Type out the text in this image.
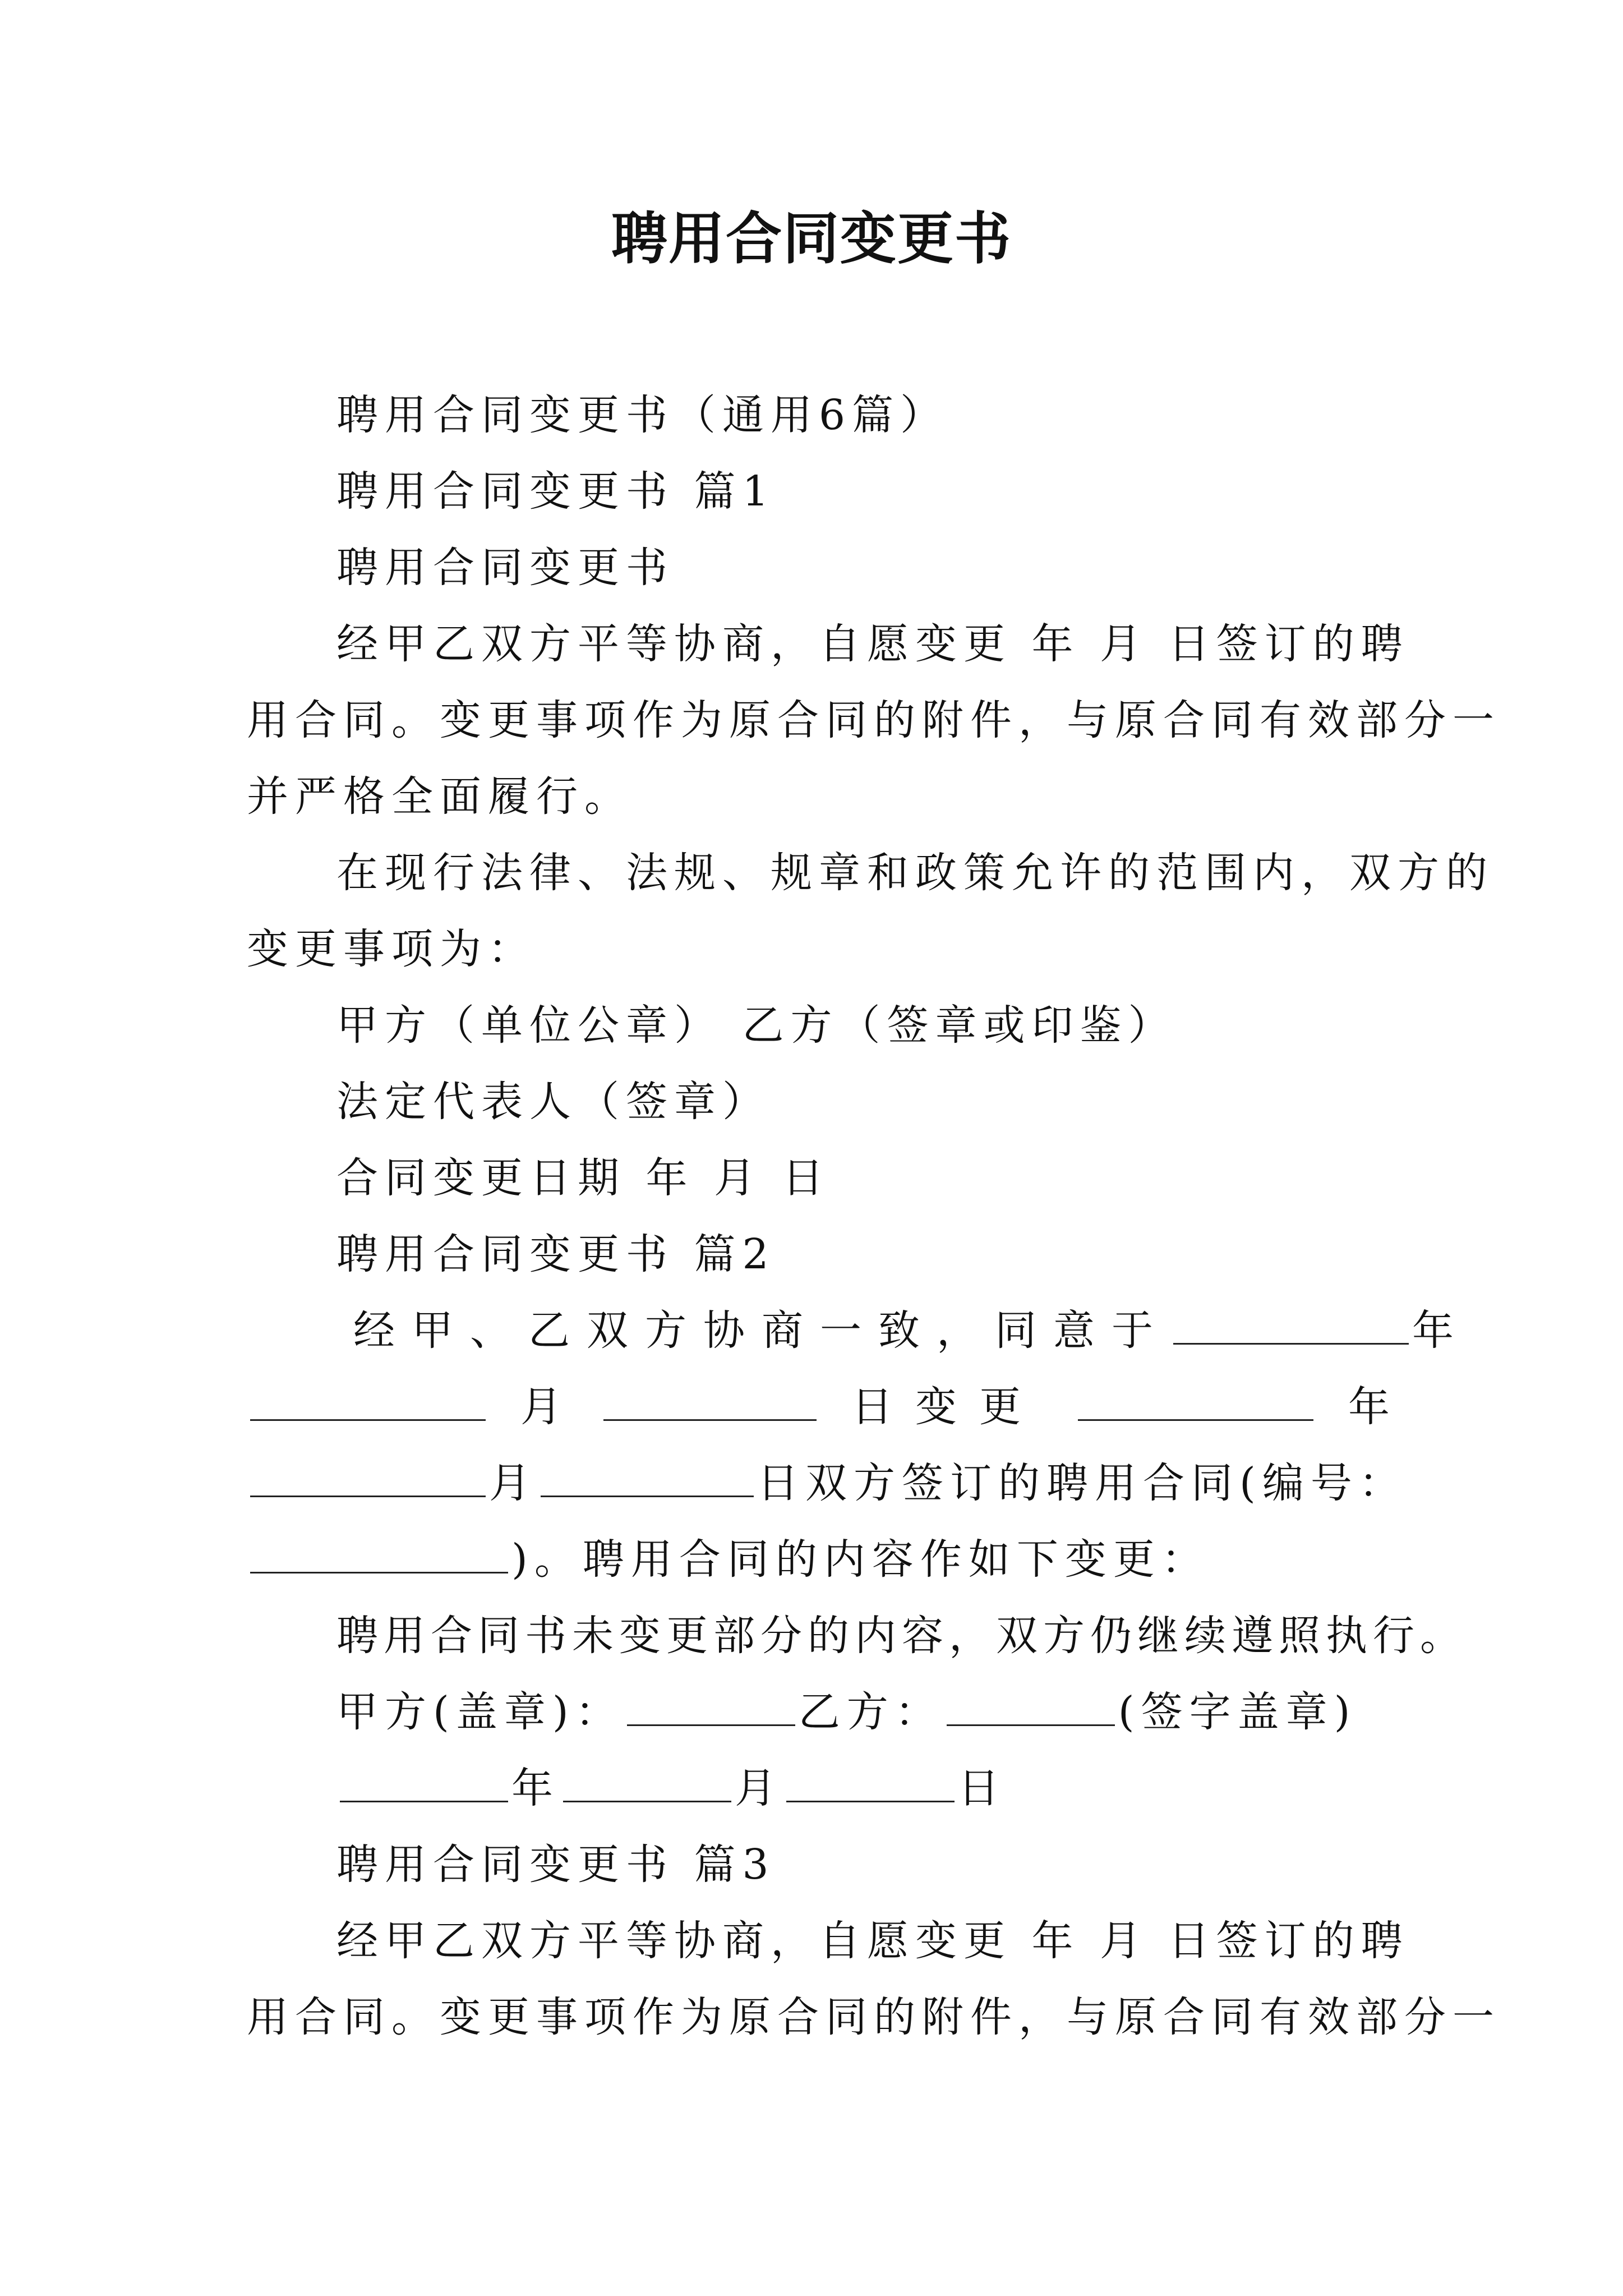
聘用合同变更书
聘用合同变更书（通用6篇）
聘用合同变更书 篇1
聘用合同变更书
经甲乙双方平等协商，自愿变更 年 月 日签订的聘
用合同。变更事项作为原合同的附件，与原合同有效部分一
并严格全面履行。
在现行法律、法规、规章和政策允许的范围内，双方的
变更事项为：
甲方（单位公章） 乙方（签章或印鉴）
法定代表人（签章）
合同变更日期 年 月 日
聘用合同变更书 篇2
经甲、乙双方协商一致，同意于	年
月	日变更	年
月	日双方签订的聘用合同(编号：
)。聘用合同的内容作如下变更：
聘用合同书未变更部分的内容，双方仍继续遵照执行。
甲方(盖章)：	乙方：	(签字盖章)
年	月	日
聘用合同变更书 篇3
经甲乙双方平等协商，自愿变更 年 月 日签订的聘
用合同。变更事项作为原合同的附件，与原合同有效部分一
